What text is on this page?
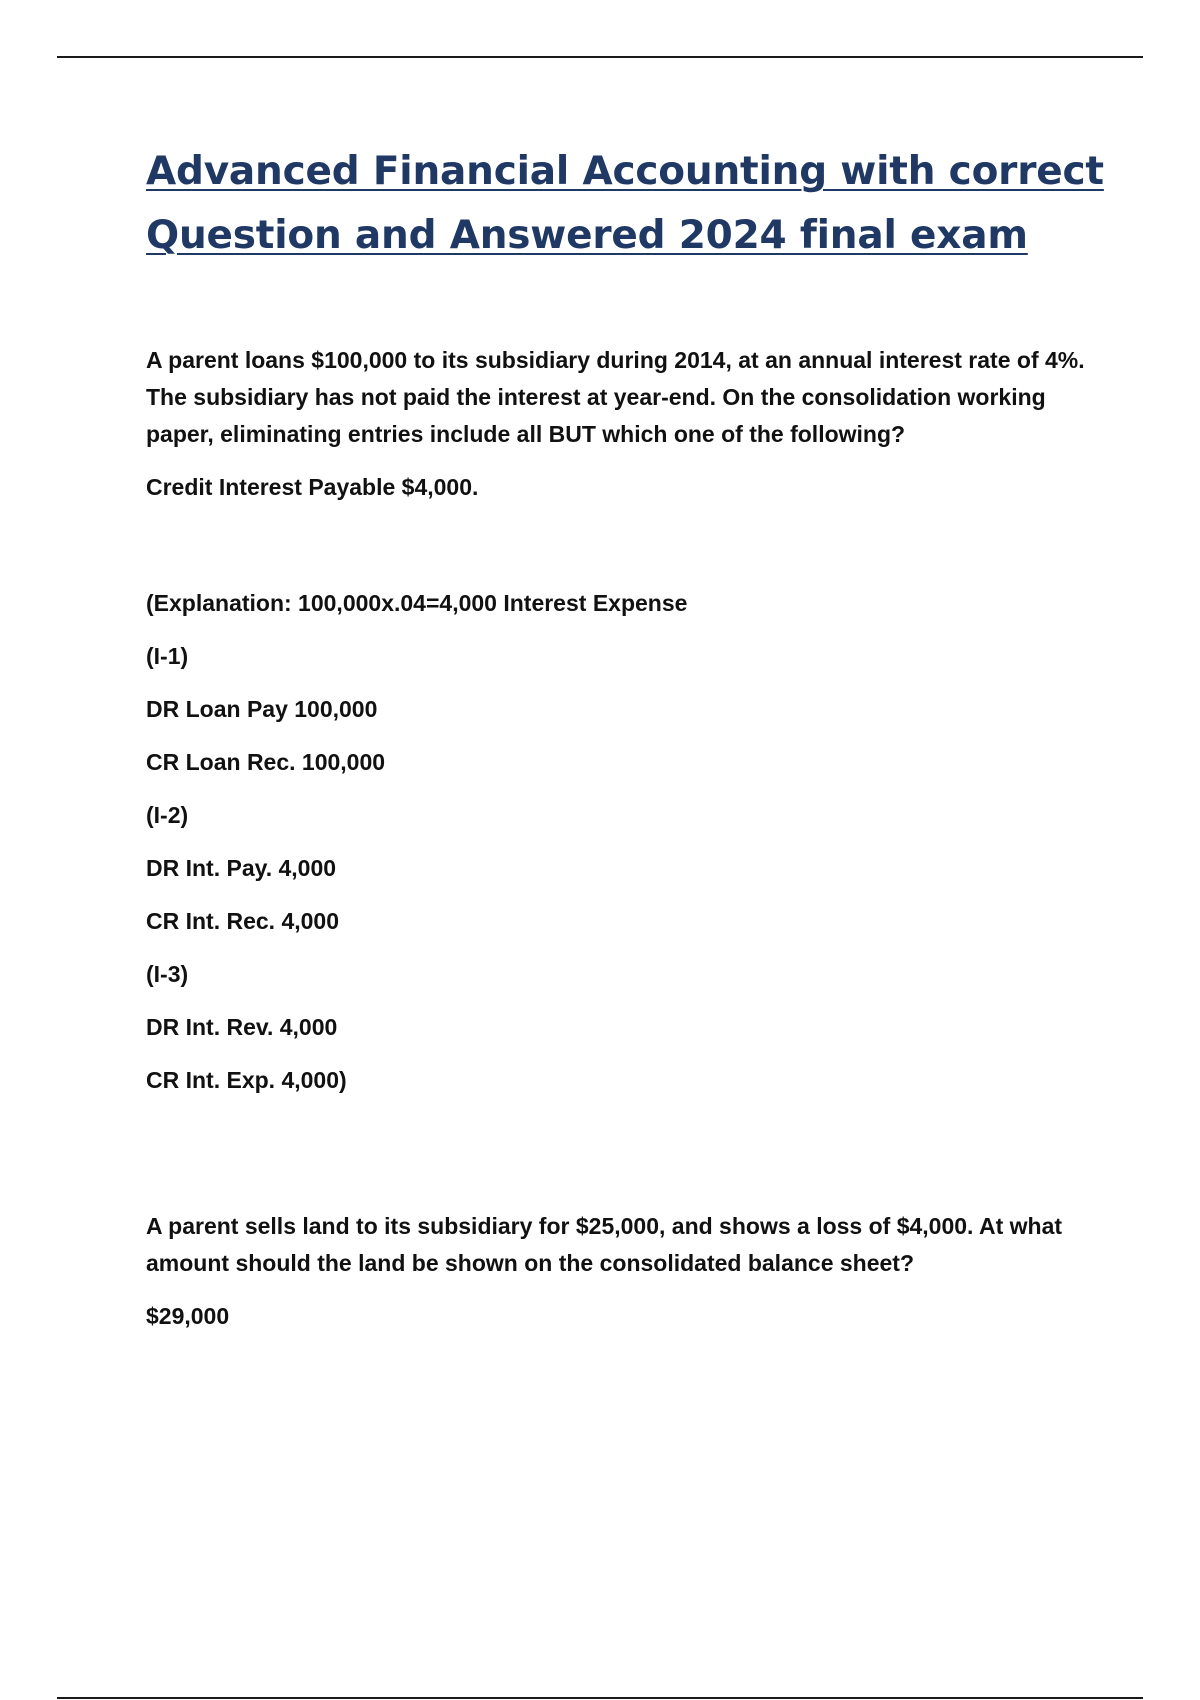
Advanced Financial Accounting with correct
Question and Answered 2024 final exam

A parent loans $100,000 to its subsidiary during 2014, at an annual interest rate of 4%. The subsidiary has not paid the interest at year-end. On the consolidation working paper, eliminating entries include all BUT which one of the following?

Credit Interest Payable $4,000.

(Explanation: 100,000x.04=4,000 Interest Expense

(I-1)

DR Loan Pay 100,000

CR Loan Rec. 100,000

(I-2)

DR Int. Pay. 4,000

CR Int. Rec. 4,000

(I-3)

DR Int. Rev. 4,000

CR Int. Exp. 4,000)

A parent sells land to its subsidiary for $25,000, and shows a loss of $4,000. At what amount should the land be shown on the consolidated balance sheet?

$29,000
